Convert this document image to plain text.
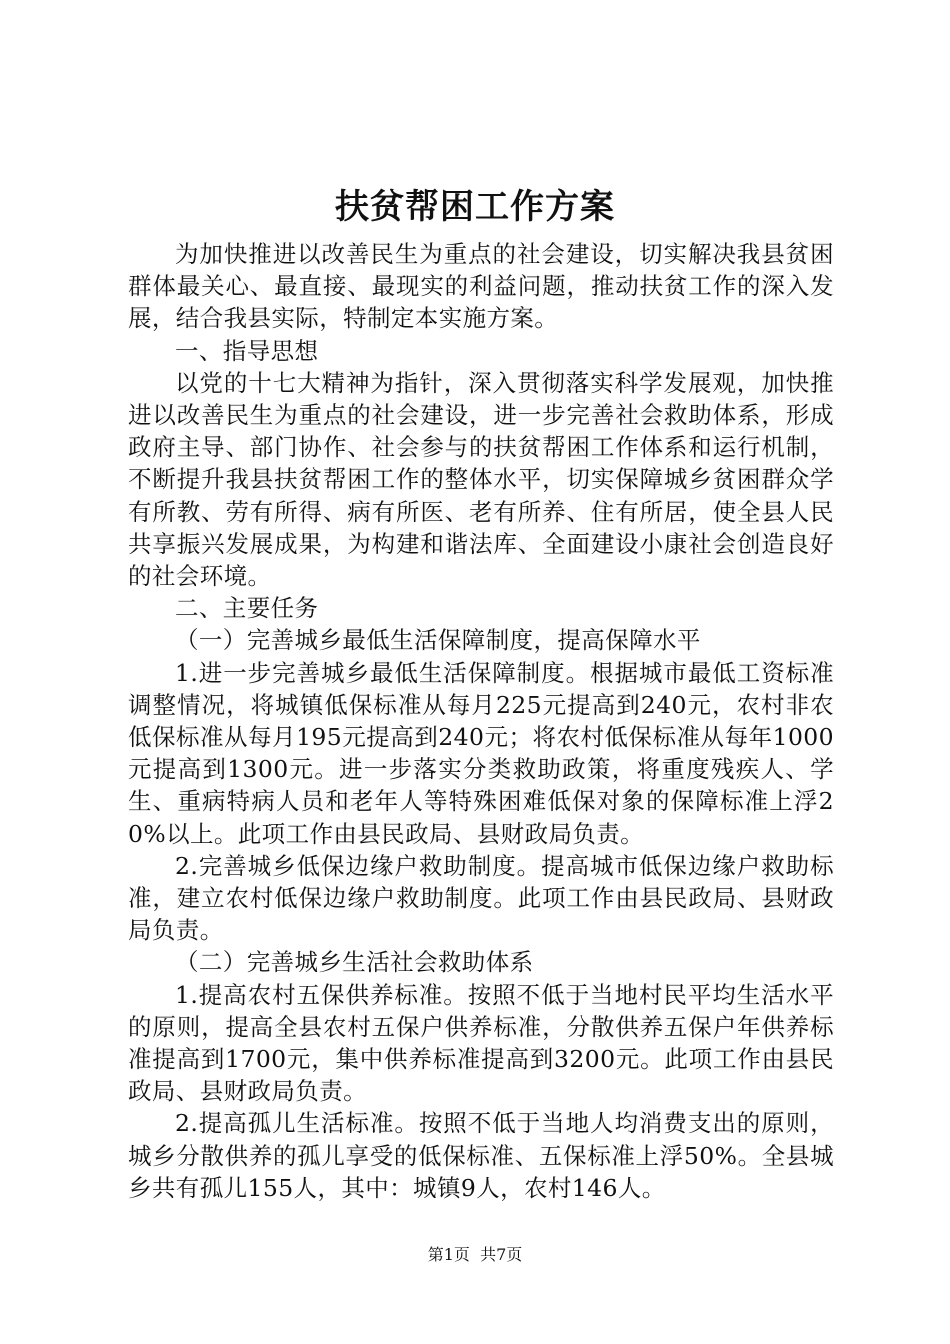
扶贫帮困工作方案

为加快推进以改善民生为重点的社会建设，切实解决我县贫困群体最关心、最直接、最现实的利益问题，推动扶贫工作的深入发展，结合我县实际，特制定本实施方案。

一、指导思想

以党的十七大精神为指针，深入贯彻落实科学发展观，加快推进以改善民生为重点的社会建设，进一步完善社会救助体系，形成政府主导、部门协作、社会参与的扶贫帮困工作体系和运行机制，不断提升我县扶贫帮困工作的整体水平，切实保障城乡贫困群众学有所教、劳有所得、病有所医、老有所养、住有所居，使全县人民共享振兴发展成果，为构建和谐法库、全面建设小康社会创造良好的社会环境。

二、主要任务

（一）完善城乡最低生活保障制度，提高保障水平

1.进一步完善城乡最低生活保障制度。根据城市最低工资标准调整情况，将城镇低保标准从每月225元提高到240元，农村非农低保标准从每月195元提高到240元；将农村低保标准从每年1000元提高到1300元。进一步落实分类救助政策，将重度残疾人、学生、重病特病人员和老年人等特殊困难低保对象的保障标准上浮20%以上。此项工作由县民政局、县财政局负责。

2.完善城乡低保边缘户救助制度。提高城市低保边缘户救助标准，建立农村低保边缘户救助制度。此项工作由县民政局、县财政局负责。

（二）完善城乡生活社会救助体系

1.提高农村五保供养标准。按照不低于当地村民平均生活水平的原则，提高全县农村五保户供养标准，分散供养五保户年供养标准提高到1700元，集中供养标准提高到3200元。此项工作由县民政局、县财政局负责。

2.提高孤儿生活标准。按照不低于当地人均消费支出的原则，城乡分散供养的孤儿享受的低保标准、五保标准上浮50%。全县城乡共有孤儿155人，其中：城镇9人，农村146人。

第1页 共7页
